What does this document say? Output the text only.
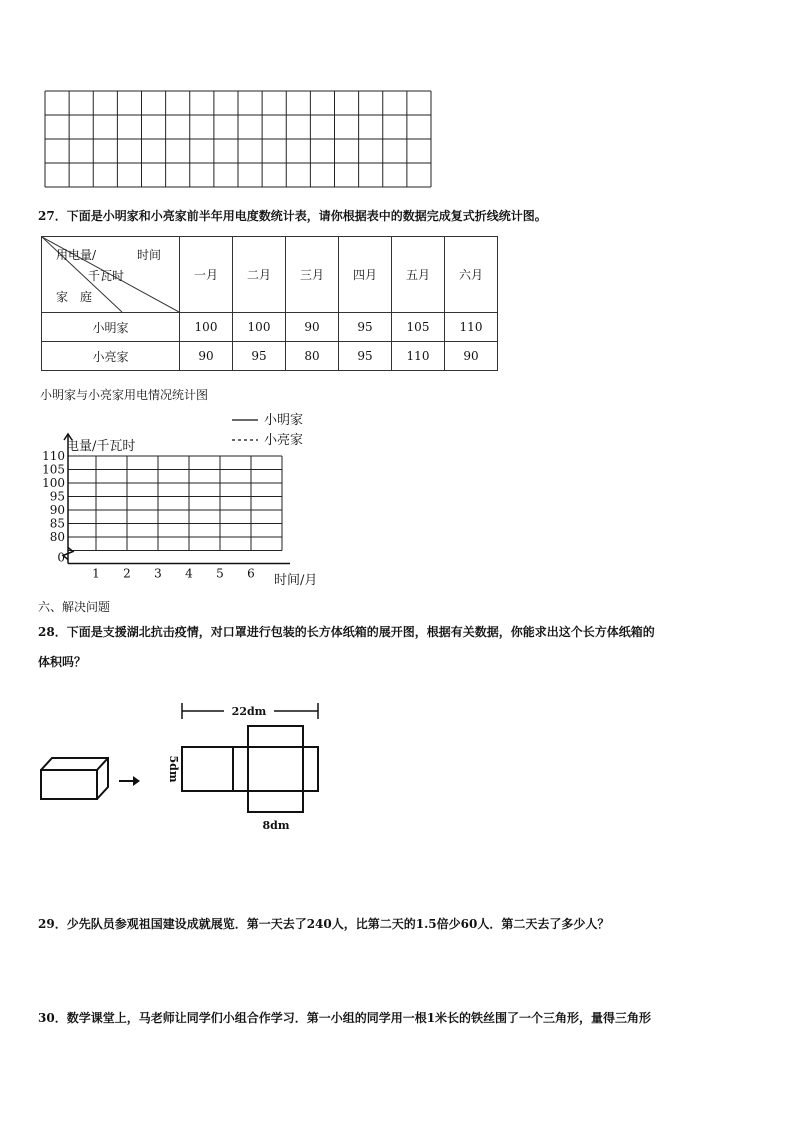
27．下面是小明家和小亮家前半年用电度数统计表，请你根据表中的数据完成复式折线统计图。
用电量/
千瓦时
时间
家　庭	一月	二月	三月	四月	五月	六月
小明家	100	100	90	95	105	110
小亮家	90	95	80	95	110	90
小明家与小亮家用电情况统计图
电量/千瓦时
时间/月
110
105
100
95
90
85
80
0
1 2 3 4 5 6
小明家
小亮家
六、解决问题
28．下面是支援湖北抗击疫情，对口罩进行包装的长方体纸箱的展开图，根据有关数据，你能求出这个长方体纸箱的
体积吗？
22dm
5dm
8dm
29．少先队员参观祖国建设成就展览．第一天去了240人，比第二天的1.5倍少60人．第二天去了多少人？
30．数学课堂上，马老师让同学们小组合作学习．第一小组的同学用一根1米长的铁丝围了一个三角形，量得三角形
